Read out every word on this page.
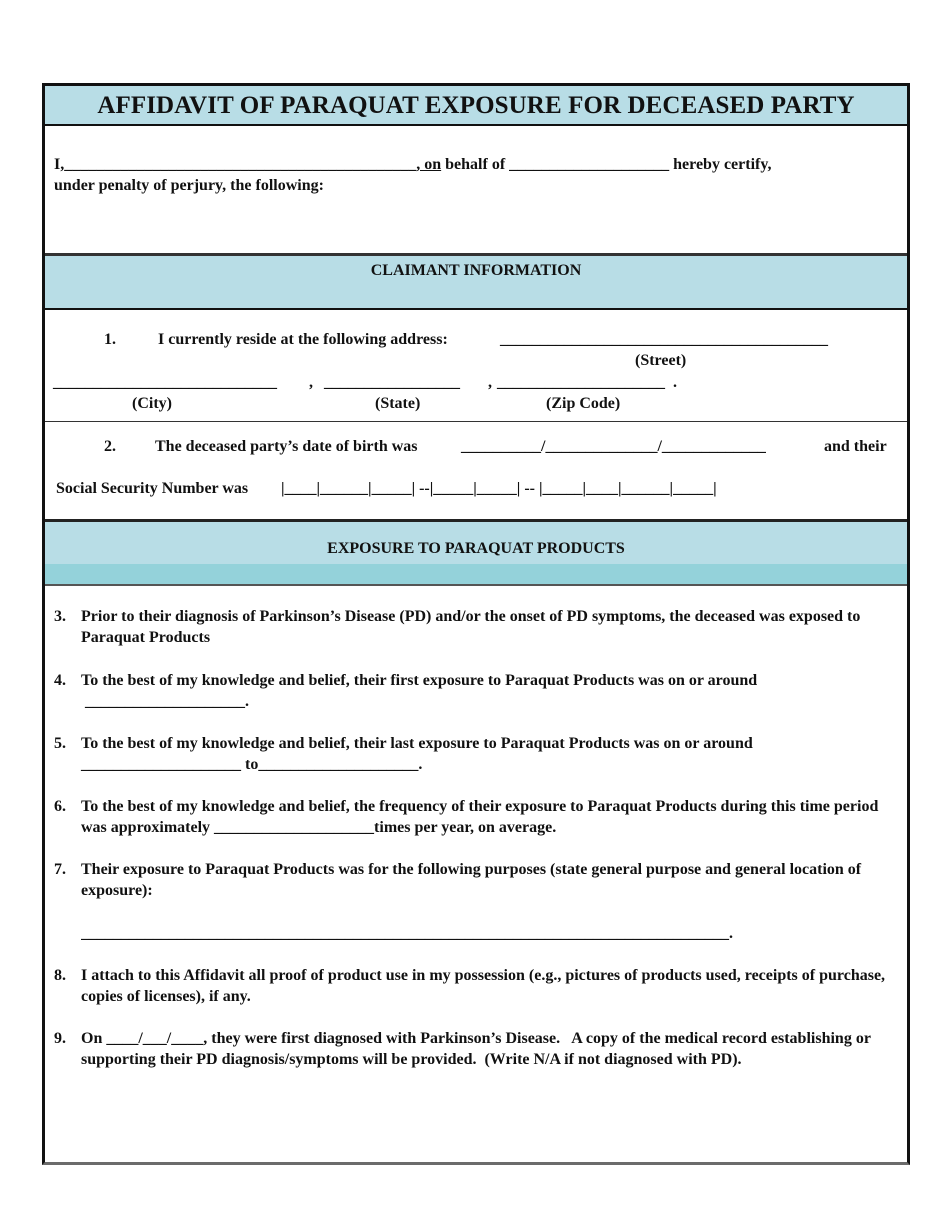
AFFIDAVIT OF PARAQUAT EXPOSURE FOR DECEASED PARTY
I,____________________________________________, on behalf of ____________________ hereby certify,
under penalty of perjury, the following:
CLAIMANT INFORMATION
1.	I currently reside at the following address:	_________________________________________
(Street)
____________________________ , _________________ , _____________________ .
(City)	(State)	(Zip Code)
2. The deceased party’s date of birth was	__________/______________/_____________	and their
Social Security Number was |____|______|_____| --|_____|_____| -- |_____|____|______|_____|
EXPOSURE TO PARAQUAT PRODUCTS
3. Prior to their diagnosis of Parkinson’s Disease (PD) and/or the onset of PD symptoms, the deceased was exposed to Paraquat Products
4. To the best of my knowledge and belief, their first exposure to Paraquat Products was on or around
____________________.
5. To the best of my knowledge and belief, their last exposure to Paraquat Products was on or around
____________________ to____________________.
6. To the best of my knowledge and belief, the frequency of their exposure to Paraquat Products during this time period was approximately ____________________times per year, on average.
7. Their exposure to Paraquat Products was for the following purposes (state general purpose and general location of exposure):
_________________________________________________________________________________.
8. I attach to this Affidavit all proof of product use in my possession (e.g., pictures of products used, receipts of purchase, copies of licenses), if any.
9. On ____/___/____, they were first diagnosed with Parkinson’s Disease.   A copy of the medical record establishing or supporting their PD diagnosis/symptoms will be provided.  (Write N/A if not diagnosed with PD).
